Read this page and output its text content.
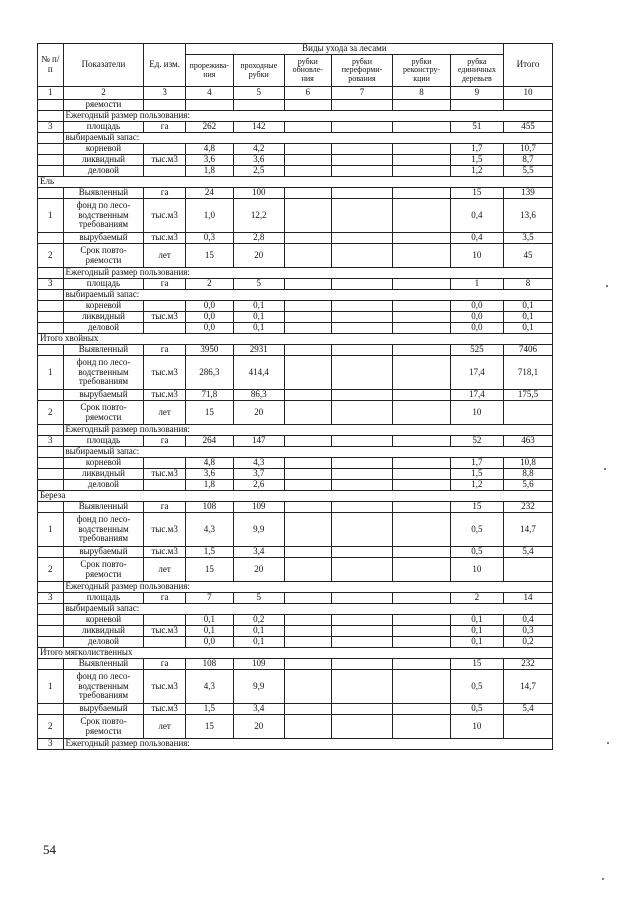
№ п/п	Показатели	Ед. изм.	Виды ухода за лесами						Итого
			прорежива- ния	проходные рубки	рубки обновле- ния	рубки переформи- рования	рубки реконстру- кции	рубка единичных деревьев	
1	2	3	4	5	6	7	8	9	10
	ряемости								
	Ежегодный размер пользования:								
3	площадь	га	262	142				51	455
	выбираемый запас:								
	корневой		4,8	4,2				1,7	10,7
	ликвидный	тыс.м3	3,6	3,6				1,5	8,7
	деловой		1,8	2,5				1,2	5,5
Ель									
	Выявленный	га	24	100				15	139
1	фонд по лесо- водственным требованиям	тыс.м3	1,0	12,2				0,4	13,6
	вырубаемый	тыс.м3	0,3	2,8				0,4	3,5
2	Срок повто- ряемости	лет	15	20				10	45
	Ежегодный размер пользования:								
3	площадь	га	2	5				1	8
	выбираемый запас:								
	корневой		0,0	0,1				0,0	0,1
	ликвидный	тыс.м3	0,0	0,1				0,0	0,1
	деловой		0,0	0,1				0,0	0,1
Итого хвойных									
	Выявленный	га	3950	2931				525	7406
1	фонд по лесо- водственным требованиям	тыс.м3	286,3	414,4				17,4	718,1
	вырубаемый	тыс.м3	71,8	86,3				17,4	175,5
2	Срок повто- ряемости	лет	15	20				10	
	Ежегодный размер пользования:								
3	площадь	га	264	147				52	463
	выбираемый запас:								
	корневой		4,8	4,3				1,7	10,8
	ликвидный	тыс.м3	3,6	3,7				1,5	8,8
	деловой		1,8	2,6				1,2	5,6
Береза									
	Выявленный	га	108	109				15	232
1	фонд по лесо- водственным требованиям	тыс.м3	4,3	9,9				0,5	14,7
	вырубаемый	тыс.м3	1,5	3,4				0,5	5,4
2	Срок повто- ряемости	лет	15	20				10	
	Ежегодный размер пользования:								
3	площадь	га	7	5				2	14
	выбираемый запас:								
	корневой		0,1	0,2				0,1	0,4
	ликвидный	тыс.м3	0,1	0,1				0,1	0,3
	деловой		0,0	0,1				0,1	0,2
Итого мягколиственных									
	Выявленный	га	108	109				15	232
1	фонд по лесо- водственным требованиям	тыс.м3	4,3	9,9				0,5	14,7
	вырубаемый	тыс.м3	1,5	3,4				0,5	5,4
2	Срок повто- ряемости	лет	15	20				10	
3	Ежегодный размер пользования:								
54
